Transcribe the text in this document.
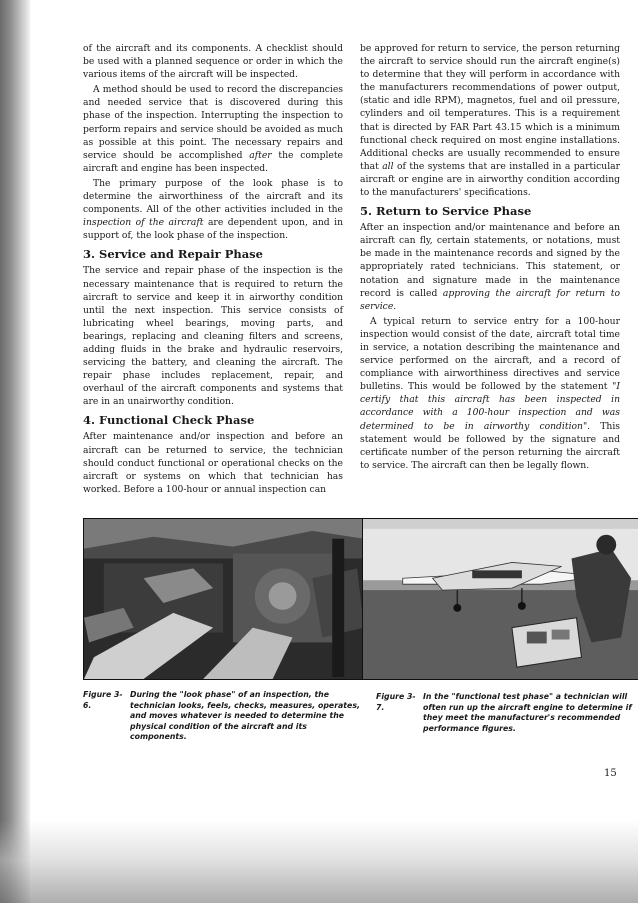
of the aircraft and its components. A checklist should be used with a planned sequence or order in which the various items of the aircraft will be inspected.

A method should be used to record the discrepancies and needed service that is discovered during this phase of the inspection. Interrupting the inspection to perform repairs and service should be avoided as much as possible at this point. The necessary repairs and service should be accomplished after the complete aircraft and engine has been inspected.

The primary purpose of the look phase is to determine the airworthiness of the aircraft and its components. All of the other activities included in the inspection of the aircraft are dependent upon, and in support of, the look phase of the inspection.

3. Service and Repair Phase

The service and repair phase of the inspection is the necessary maintenance that is required to return the aircraft to service and keep it in airworthy condition until the next inspection. This service consists of lubricating wheel bearings, moving parts, and bearings, replacing and cleaning filters and screens, adding fluids in the brake and hydraulic reservoirs, servicing the battery, and cleaning the aircraft. The repair phase includes replacement, repair, and overhaul of the aircraft components and systems that are in an unairworthy condition.

4. Functional Check Phase

After maintenance and/or inspection and before an aircraft can be returned to service, the technician should conduct functional or operational checks on the aircraft or systems on which that technician has worked. Before a 100-hour or annual inspection can

be approved for return to service, the person returning the aircraft to service should run the aircraft engine(s) to determine that they will perform in accordance with the manufacturers recommendations of power output, (static and idle RPM), magnetos, fuel and oil pressure, cylinders and oil temperatures. This is a requirement that is directed by FAR Part 43.15 which is a minimum functional check required on most engine installations. Additional checks are usually recommended to ensure that all of the systems that are installed in a particular aircraft or engine are in airworthy condition according to the manufacturers' specifications.

5. Return to Service Phase

After an inspection and/or maintenance and before an aircraft can fly, certain statements, or notations, must be made in the maintenance records and signed by the appropriately rated technicians. This statement, or notation and signature made in the maintenance record is called approving the aircraft for return to service.

A typical return to service entry for a 100-hour inspection would consist of the date, aircraft total time in service, a notation describing the maintenance and service performed on the aircraft, and a record of compliance with airworthiness directives and service bulletins. This would be followed by the statement "I certify that this aircraft has been inspected in accordance with a 100-hour inspection and was determined to be in airworthy condition". This statement would be followed by the signature and certificate number of the person returning the aircraft to service. The aircraft can then be legally flown.

Figure 3-6.
During the "look phase" of an inspection, the technician looks, feels, checks, measures, operates, and moves whatever is needed to determine the physical condition of the aircraft and its components.
Figure 3-7.
In the "functional test phase" a technician will often run up the aircraft engine to determine if they meet the manufacturer's recommended performance figures.
15
